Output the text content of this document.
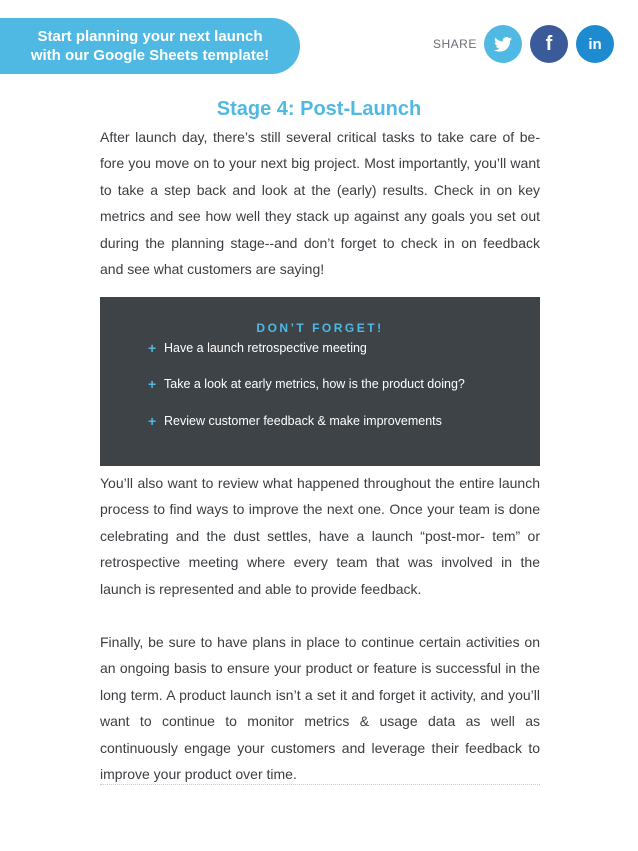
Start planning your next launch
with our Google Sheets template!
SHARE	f in
Stage 4: Post-Launch

After launch day, there’s still several critical tasks to take care of be- fore you move on to your next big project. Most importantly, you’ll want to take a step back and look at the (early) results. Check in on key metrics and see how well they stack up against any goals you set out during the planning stage--and don’t forget to check in on feedback and see what customers are saying!

DON’T FORGET!
+ Have a launch retrospective meeting
+ Take a look at early metrics, how is the product doing?
+ Review customer feedback & make improvements

You’ll also want to review what happened throughout the entire launch process to find ways to improve the next one. Once your team is done celebrating and the dust settles, have a launch “post-mor- tem” or retrospective meeting where every team that was involved in the launch is represented and able to provide feedback.

Finally, be sure to have plans in place to continue certain activities on an ongoing basis to ensure your product or feature is successful in the long term. A product launch isn’t a set it and forget it activity, and you’ll want to continue to monitor metrics & usage data as well as continuously engage your customers and leverage their feedback to improve your product over time.
